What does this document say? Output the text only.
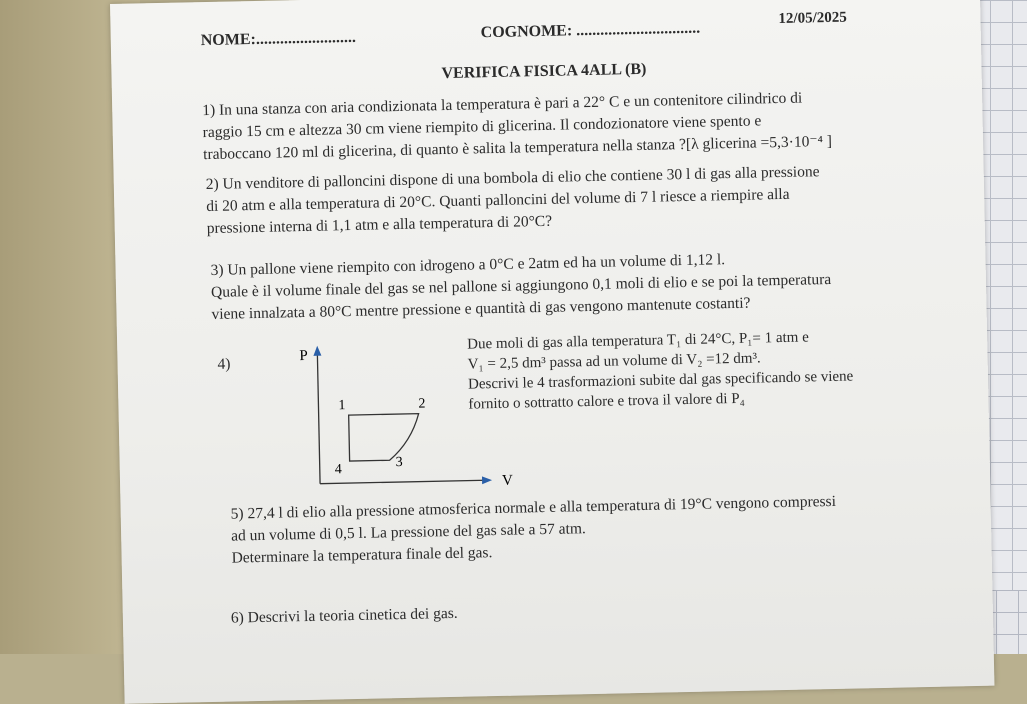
NOME:.........................	COGNOME: ...............................
12/05/2025
VERIFICA FISICA 4ALL (B)
1) In una stanza con aria condizionata la temperatura è pari a 22° C e un contenitore cilindrico di
raggio 15 cm e altezza 30 cm viene riempito di glicerina. Il condozionatore viene spento e
traboccano 120 ml di glicerina, di quanto è salita la temperatura nella stanza ?[λ glicerina =5,3·10⁻⁴ ]
2) Un venditore di palloncini dispone di una bombola di elio che contiene 30 l di gas alla pressione
di 20 atm e alla temperatura di 20°C. Quanti palloncini del volume di 7 l riesce a riempire alla
pressione interna di 1,1 atm e alla temperatura di 20°C?
3) Un pallone viene riempito con idrogeno a 0°C e 2atm ed ha un volume di 1,12 l.
Quale è il volume finale del gas se nel pallone si aggiungono 0,1 moli di elio e se poi la temperatura
viene innalzata a 80°C mentre pressione e quantità di gas vengono mantenute costanti?
4)	P
V
1	2
3
4
Due moli di gas alla temperatura T₁ di 24°C, P₁= 1 atm e
V₁ = 2,5 dm³ passa ad un volume di V₂ =12 dm³.
Descrivi le 4 trasformazioni subite dal gas specificando se viene
fornito o sottratto calore e trova il valore di P₄
5) 27,4 l di elio alla pressione atmosferica normale e alla temperatura di 19°C vengono compressi
ad un volume di 0,5 l. La pressione del gas sale a 57 atm.
Determinare la temperatura finale del gas.
6) Descrivi la teoria cinetica dei gas.
